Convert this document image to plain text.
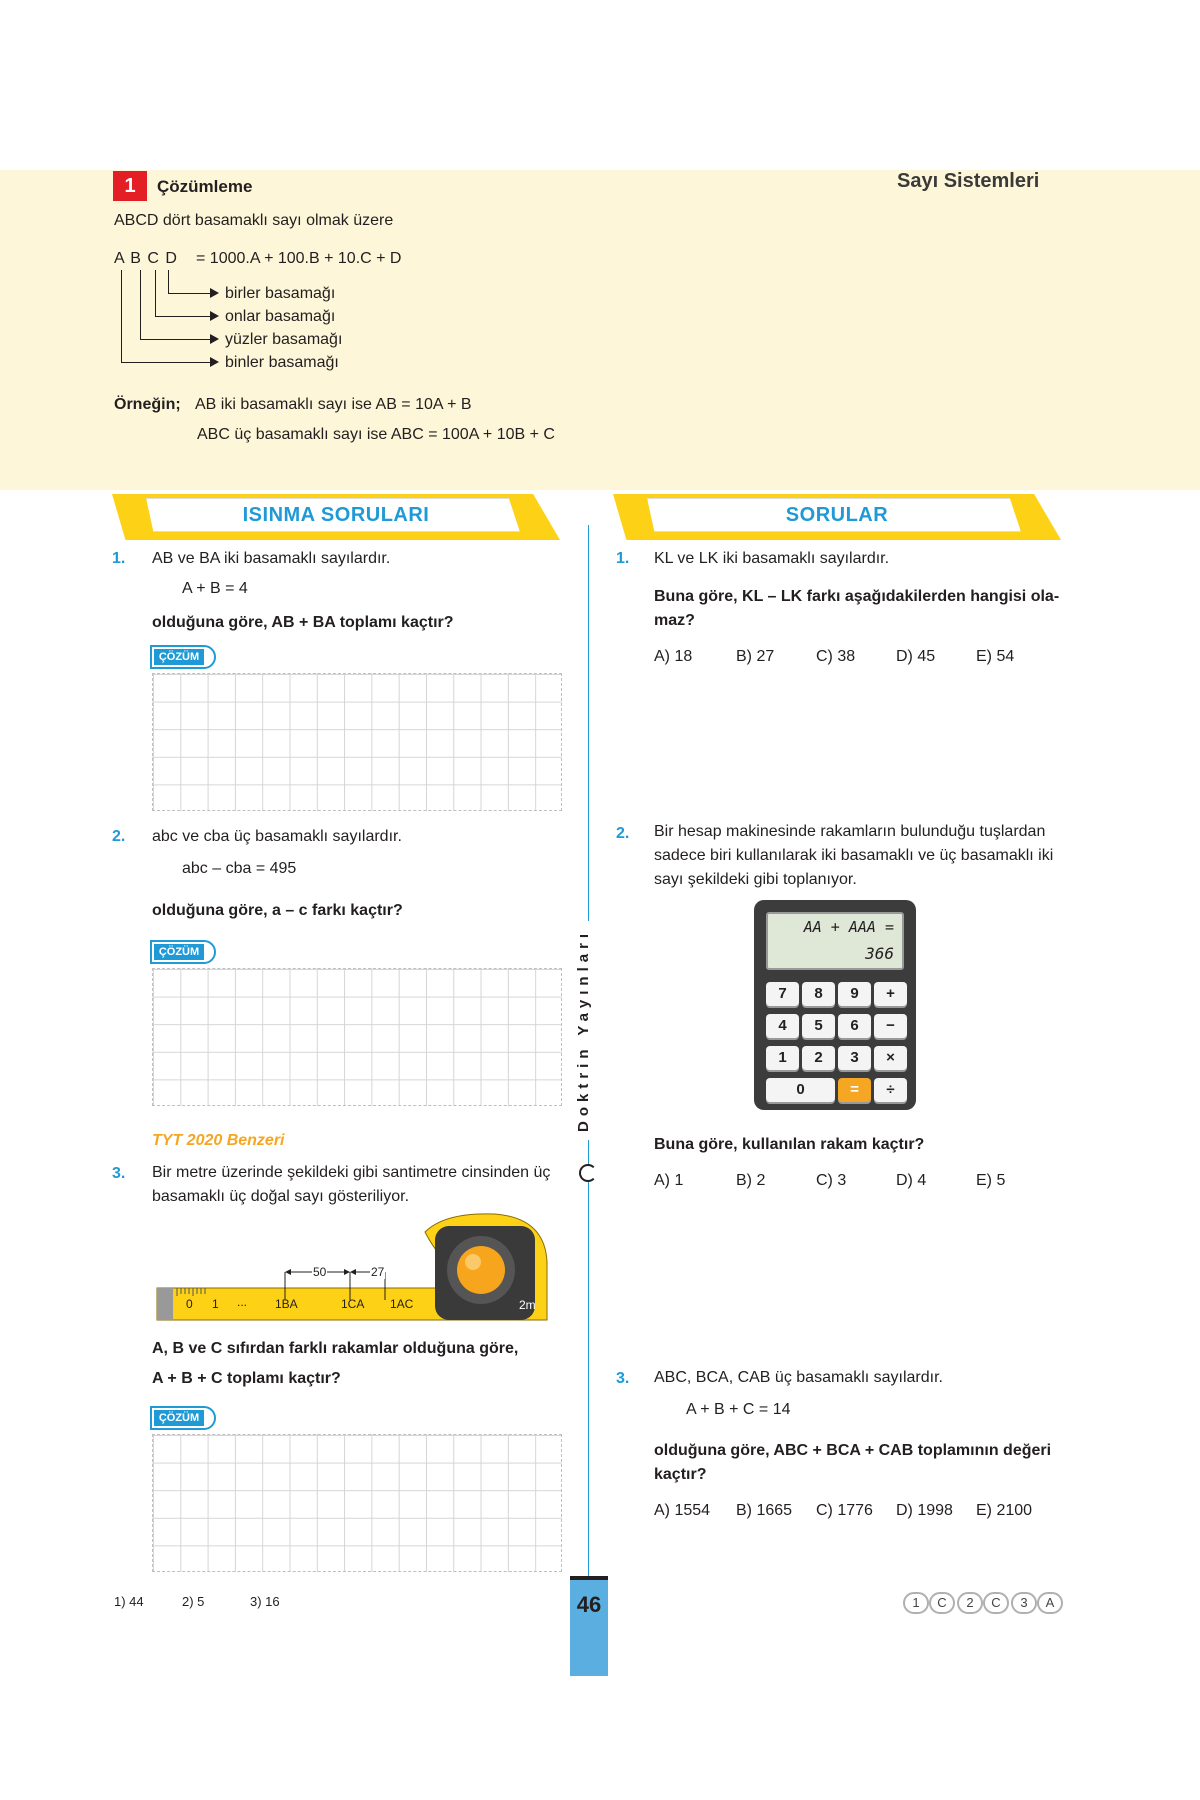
1	Çözümleme	Sayı Sistemleri
ABCD dört basamaklı sayı olmak üzere
A B C D = 1000.A + 100.B + 10.C + D
birler basamağı
onlar basamağı
yüzler basamağı
binler basamağı
Örneğin; AB iki basamaklı sayı ise AB = 10A + B
ABC üç basamaklı sayı ise ABC = 100A + 10B + C
ISINMA SORULARI	SORULAR
1. AB ve BA iki basamaklı sayılardır.
A + B = 4
olduğuna göre, AB + BA toplamı kaçtır?
ÇÖZÜM
2. abc ve cba üç basamaklı sayılardır.
abc – cba = 495
olduğuna göre, a – c farkı kaçtır?
ÇÖZÜM
TYT 2020 Benzeri
3. Bir metre üzerinde şekildeki gibi santimetre cinsinden üç
basamaklı üç doğal sayı gösteriliyor.
0 1 ... 1BA	1CA 1AC
50	27
2m
A, B ve C sıfırdan farklı rakamlar olduğuna göre,
A + B + C toplamı kaçtır?
ÇÖZÜM
Doktrin Yayınları
1. KL ve LK iki basamaklı sayılardır.
Buna göre, KL – LK farkı aşağıdakilerden hangisi ola-
maz?
A) 18	B) 27	C) 38	D) 45	E) 54
2. Bir hesap makinesinde rakamların bulunduğu tuşlardan
sadece biri kullanılarak iki basamaklı ve üç basamaklı iki
sayı şekildeki gibi toplanıyor.
AA + AAA =
366
7	8	9	+
4	5	6	−
1	2	3	×
0	=	÷
Buna göre, kullanılan rakam kaçtır?
A) 1	B) 2	C) 3	D) 4	E) 5
3. ABC, BCA, CAB üç basamaklı sayılardır.
A + B + C = 14
olduğuna göre, ABC + BCA + CAB toplamının değeri
kaçtır?
A) 1554 B) 1665 C) 1776 D) 1998 E) 2100
1) 44	2) 5	3) 16	46	1	C	2	C	3	A
